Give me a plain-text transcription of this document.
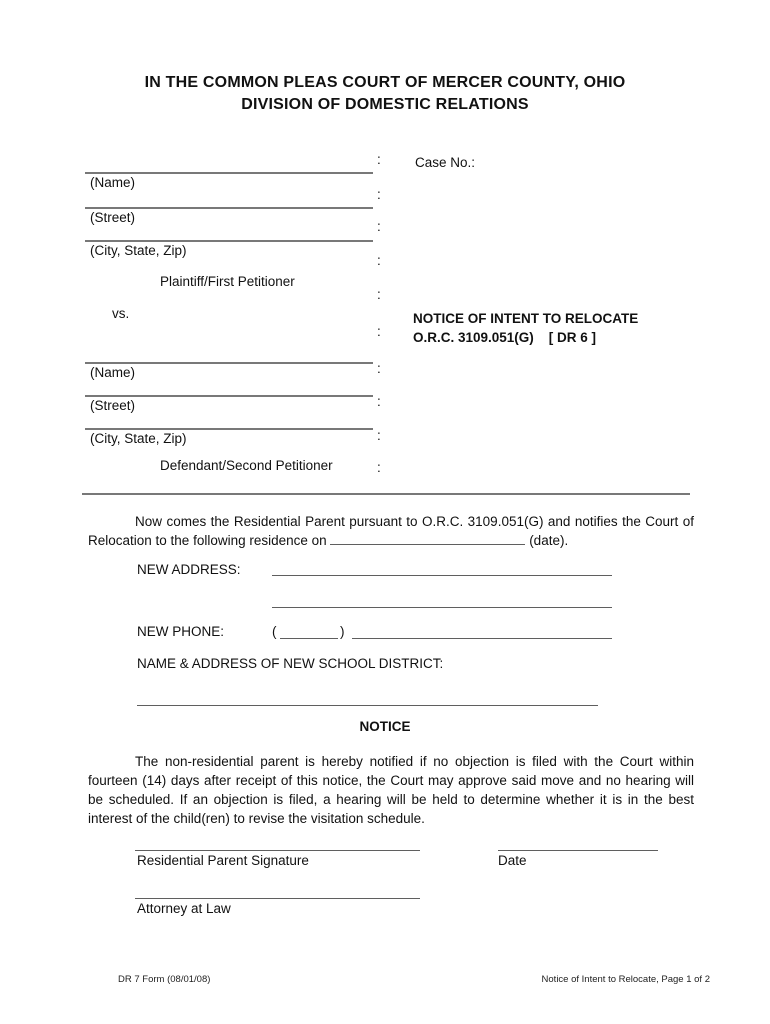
IN THE COMMON PLEAS COURT OF MERCER COUNTY, OHIO
DIVISION OF DOMESTIC RELATIONS
(Name)
(Street)
(City, State, Zip)
Plaintiff/First Petitioner
vs.
(Name)
(Street)
(City, State, Zip)
Defendant/Second Petitioner
:
:
:
:
:
:
:
:
:
:
Case No.:
NOTICE OF INTENT TO RELOCATE
O.R.C. 3109.051(G)    [ DR 6 ]

Now comes the Residential Parent pursuant to O.R.C. 3109.051(G) and notifies the Court of Relocation to the following residence on	(date).

NEW ADDRESS:
NEW PHONE:	(	)
NAME & ADDRESS OF NEW SCHOOL DISTRICT:
NOTICE

The non-residential parent is hereby notified if no objection is filed with the Court within fourteen (14) days after receipt of this notice, the Court may approve said move and no hearing will be scheduled. If an objection is filed, a hearing will be held to determine whether it is in the best interest of the child(ren) to revise the visitation schedule.

Residential Parent Signature	Date
Attorney at Law
DR 7 Form (08/01/08)	Notice of Intent to Relocate, Page 1 of 2
